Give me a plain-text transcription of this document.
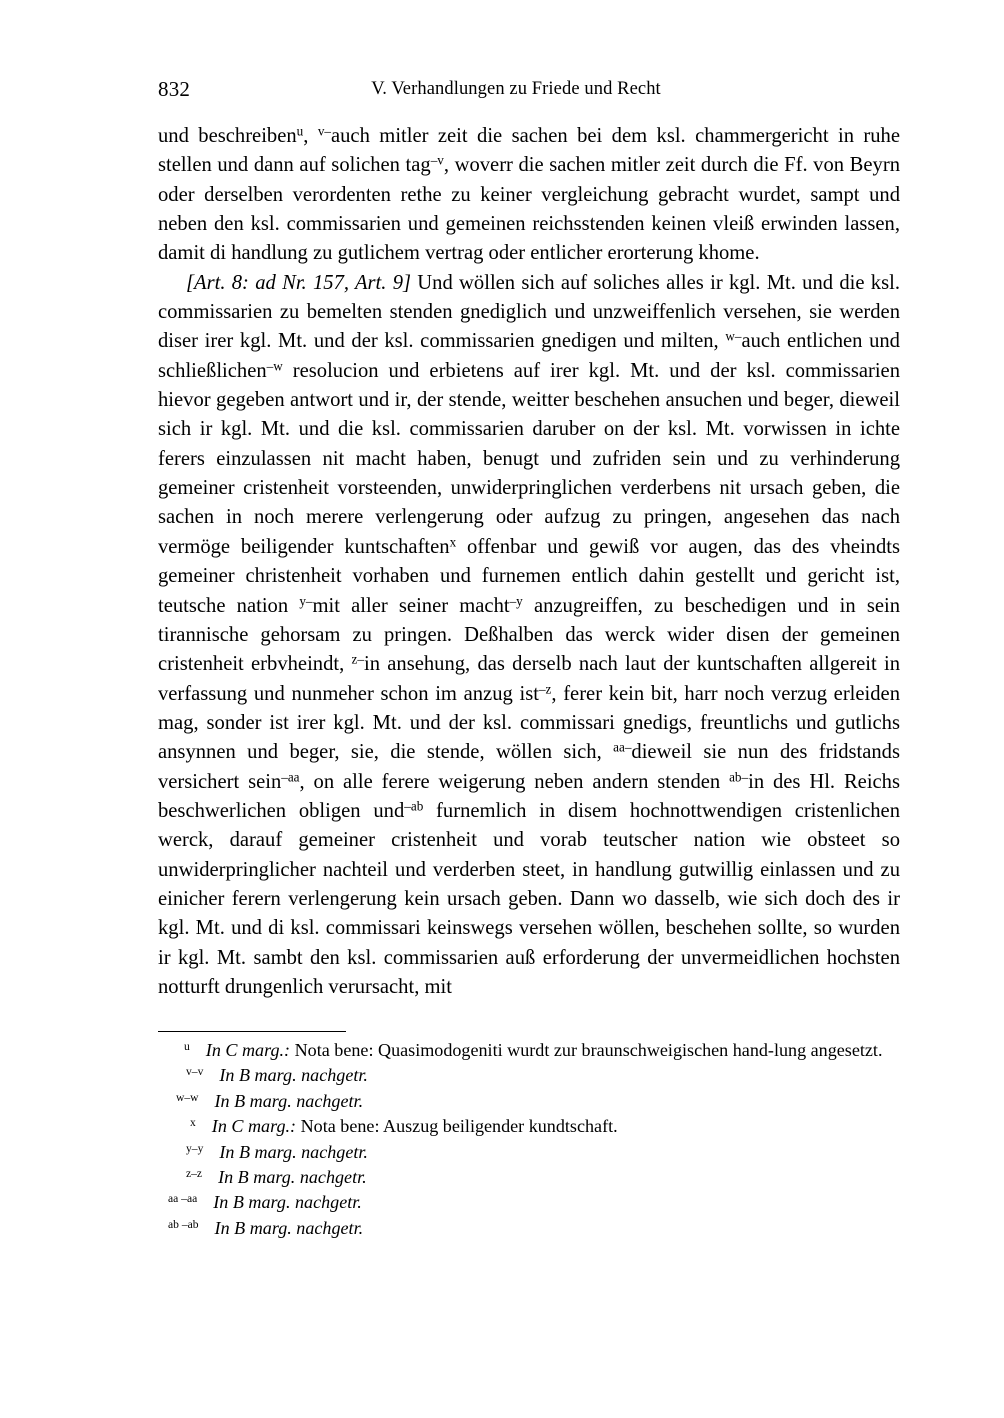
832	V. Verhandlungen zu Friede und Recht

und beschreiben$^u$, $^{v-}$auch mitler zeit die sachen bei dem ksl. chammergericht in ruhe stellen und dann auf solichen tag$^{-v}$, woverr die sachen mitler zeit durch die Ff. von Beyrn oder derselben verordenten rethe zu keiner vergleichung gebracht wurdet, sampt und neben den ksl. commissarien und gemeinen reichsstenden keinen vleiß erwinden lassen, damit di handlung zu gutlichem vertrag oder entlicher erorterung khome.

[Art. 8: ad Nr. 157, Art. 9] Und wöllen sich auf soliches alles ir kgl. Mt. und die ksl. commissarien zu bemelten stenden gnediglich und unzweiffenlich versehen, sie werden diser irer kgl. Mt. und der ksl. commissarien gnedigen und milten, $^{w-}$auch entlichen und schließlichen$^{-w}$ resolucion und erbietens auf irer kgl. Mt. und der ksl. commissarien hievor gegeben antwort und ir, der stende, weitter beschehen ansuchen und beger, dieweil sich ir kgl. Mt. und die ksl. commissarien daruber on der ksl. Mt. vorwissen in ichte ferers einzulassen nit macht haben, benugt und zufriden sein und zu verhinderung gemeiner cristenheit vorsteenden, unwiderpringlichen verderbens nit ursach geben, die sachen in noch merere verlengerung oder aufzug zu pringen, angesehen das nach vermöge beiligender kuntschaften$^x$ offenbar und gewiß vor augen, das des vheindts gemeiner christenheit vorhaben und furnemen entlich dahin gestellt und gericht ist, teutsche nation $^{y-}$mit aller seiner macht$^{-y}$ anzugreiffen, zu beschedigen und in sein tirannische gehorsam zu pringen. Deßhalben das werck wider disen der gemeinen cristenheit erbvheindt, $^{z-}$in ansehung, das derselb nach laut der kuntschaften allgereit in verfassung und nunmeher schon im anzug ist$^{-z}$, ferer kein bit, harr noch verzug erleiden mag, sonder ist irer kgl. Mt. und der ksl. commissari gnedigs, freuntlichs und gutlichs ansynnen und beger, sie, die stende, wöllen sich, $^{aa-}$dieweil sie nun des fridstands versichert sein$^{-aa}$, on alle ferere weigerung neben andern stenden $^{ab-}$in des Hl. Reichs beschwerlichen obligen und$^{-ab}$ furnemlich in disem hochnottwendigen cristenlichen werck, darauf gemeiner cristenheit und vorab teutscher nation wie obsteet so unwiderpringlicher nachteil und verderben steet, in handlung gutwillig einlassen und zu einicher ferern verlengerung kein ursach geben. Dann wo dasselb, wie sich doch des ir kgl. Mt. und di ksl. commissari keinswegs versehen wöllen, beschehen sollte, so wurden ir kgl. Mt. sambt den ksl. commissarien auß erforderung der unvermeidlichen hochsten notturft drungenlich verursacht, mit

$^u$ In C marg.: Nota bene: Quasimodogeniti wurdt zur braunschweigischen hand-lung angesetzt.
$^{v-v}$ In B marg. nachgetr.
$^{w-w}$ In B marg. nachgetr.
$^x$ In C marg.: Nota bene: Auszug beiligender kundtschaft.
$^{y-y}$ In B marg. nachgetr.
$^{z-z}$ In B marg. nachgetr.
$^{aa -aa}$ In B marg. nachgetr.
$^{ab -ab}$ In B marg. nachgetr.
